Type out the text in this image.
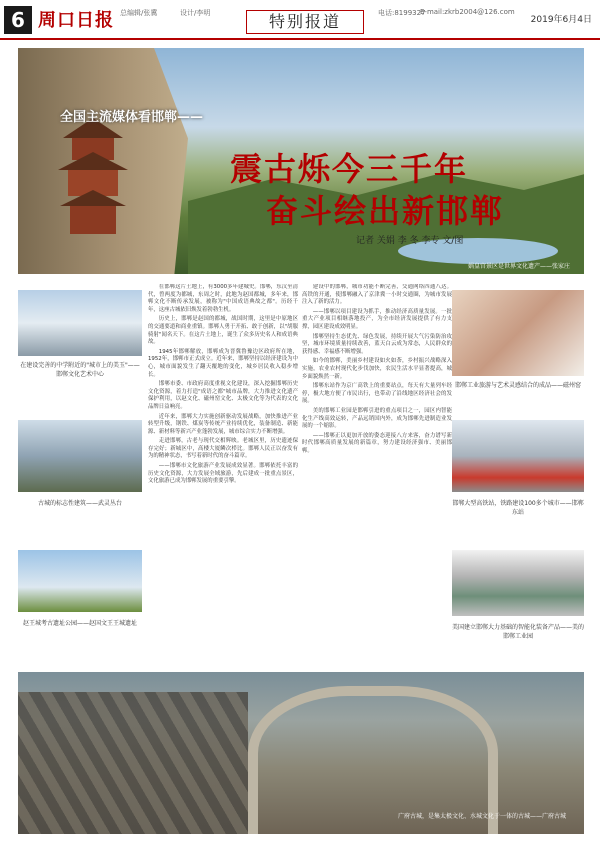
6 周口日报 总编辑/张冀	设计/李明	特别报道	电话:8199327
E-mail:zkrb2004@126.com
2019年6月4日
全国主流媒体看邯郸——
震古烁今三千年
奋斗绘出新邯郸
记者 关娟 李 冬 李专 文/图
娲皇宫景区是世界文化遗产——张家庄
在建设完善的中学附近的"城市上的美玉"——邯郸文化艺术中心
古城的标志性建筑——武灵丛台
赵王城考古遗址公园——赵国文王王城遗址

在邯郸这片土地上，有3000多年建城史。邯郸，东汉至清代，曾两度为都城，东周之时，此地为赵国都城，多年来，邯郸文化不断传承发展，被称为"中国成语典故之都"。历经千年，这座古城依旧焕发着勃勃生机。

历史上，邯郸是赵国的都城，战国时期，这里是中原地区的交通要道和商业重镇。邯郸人勇于开拓、敢于创新，以"胡服骑射"闻名天下。在这片土地上，诞生了众多历史名人和成语典故。

1945年邯郸解放，邯郸成为晋冀鲁豫边区政府所在地，1952年，邯郸市正式成立。近年来，邯郸坚持以经济建设为中心，城市面貌发生了翻天覆地的变化，城乡居民收入稳步增长。

邯郸市委、市政府高度重视文化建设，深入挖掘邯郸历史文化资源，着力打造"成语之都"城市品牌，大力推进文化遗产保护利用，以赵文化、磁州窑文化、太极文化等为代表的文化品牌日益响亮。

近年来，邯郸大力实施创新驱动发展战略，加快推进产业转型升级，钢铁、煤炭等传统产业持续优化，装备制造、新能源、新材料等新兴产业蓬勃发展，城市综合实力不断增强。

走进邯郸，古老与现代交相辉映。老城区里，历史遗迹保存完好；新城区中，高楼大厦鳞次栉比。邯郸人民正以奋发有为的精神状态，书写着新时代的奋斗篇章。

——邯郸市文化旅游产业发展成效显著。邯郸依托丰富的历史文化资源，大力发展全域旅游，先后建成一批重点景区，文化旅游已成为邯郸发展的重要引擎。

建设中的邯郸，城市功能不断完善，交通网络四通八达。高铁的开通，使邯郸融入了京津冀一小时交通圈，为城市发展注入了新的活力。

——邯郸以项目建设为抓手，推动经济高质量发展。一批重大产业项目相继落地投产，为全市经济发展提供了有力支撑，园区建设成效明显。

邯郸坚持生态优先、绿色发展，持续开展大气污染防治攻坚，城市环境质量持续改善，蓝天白云成为常态，人民群众的获得感、幸福感不断增强。

如今的邯郸，美丽乡村建设如火如荼，乡村振兴战略深入实施，农业农村现代化步伐加快，农民生活水平显著提高，城乡面貌焕然一新。

邯郸东站作为京广高铁上的重要站点，每天有大量列车经停，极大地方便了市民出行，也带动了沿线地区经济社会的发展。

美的邯郸工业园是邯郸引进的重点项目之一，园区内智能化生产线高效运转，产品远销国内外，成为邯郸先进制造业发展的一个缩影。

——邯郸正以更加开放的姿态迎接八方来客，奋力谱写新时代邯郸高质量发展的新篇章，努力建设经济强市、美丽邯郸。

邯郸工业旅游与艺术灵感结合的成品——磁州窑
邯郸大型高铁站，铁路建设100多个城市——邯郸东站
美国建立邯郸大力基础的智能化装备产品——美的邯郸工业园
广府古城，是集太极文化、水城文化于一体的古城——广府古城
